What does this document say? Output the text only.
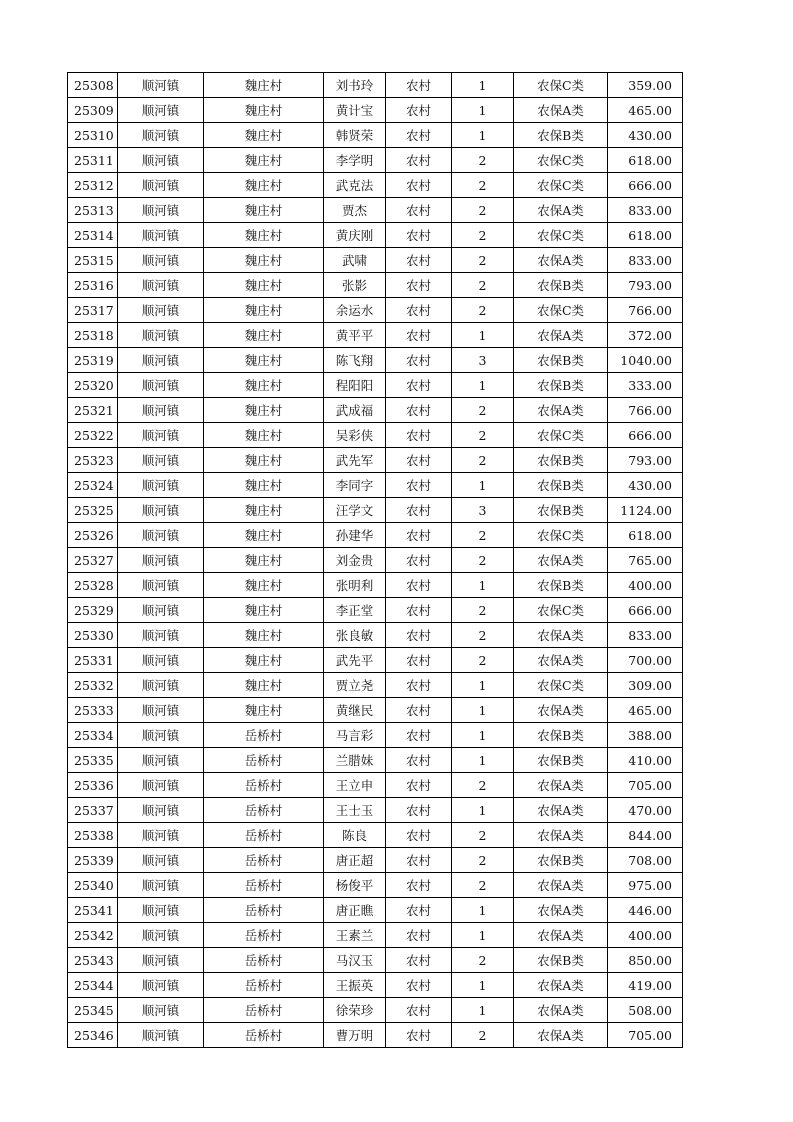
25308	顺河镇	魏庄村	刘书玲	农村	1	农保C类	359.00
25309	顺河镇	魏庄村	黄计宝	农村	1	农保A类	465.00
25310	顺河镇	魏庄村	韩贤荣	农村	1	农保B类	430.00
25311	顺河镇	魏庄村	李学明	农村	2	农保C类	618.00
25312	顺河镇	魏庄村	武克法	农村	2	农保C类	666.00
25313	顺河镇	魏庄村	贾杰	农村	2	农保A类	833.00
25314	顺河镇	魏庄村	黄庆刚	农村	2	农保C类	618.00
25315	顺河镇	魏庄村	武啸	农村	2	农保A类	833.00
25316	顺河镇	魏庄村	张影	农村	2	农保B类	793.00
25317	顺河镇	魏庄村	余运水	农村	2	农保C类	766.00
25318	顺河镇	魏庄村	黄平平	农村	1	农保A类	372.00
25319	顺河镇	魏庄村	陈飞翔	农村	3	农保B类	1040.00
25320	顺河镇	魏庄村	程阳阳	农村	1	农保B类	333.00
25321	顺河镇	魏庄村	武成福	农村	2	农保A类	766.00
25322	顺河镇	魏庄村	吴彩侠	农村	2	农保C类	666.00
25323	顺河镇	魏庄村	武先军	农村	2	农保B类	793.00
25324	顺河镇	魏庄村	李同字	农村	1	农保B类	430.00
25325	顺河镇	魏庄村	汪学文	农村	3	农保B类	1124.00
25326	顺河镇	魏庄村	孙建华	农村	2	农保C类	618.00
25327	顺河镇	魏庄村	刘金贵	农村	2	农保A类	765.00
25328	顺河镇	魏庄村	张明利	农村	1	农保B类	400.00
25329	顺河镇	魏庄村	李正堂	农村	2	农保C类	666.00
25330	顺河镇	魏庄村	张良敏	农村	2	农保A类	833.00
25331	顺河镇	魏庄村	武先平	农村	2	农保A类	700.00
25332	顺河镇	魏庄村	贾立尧	农村	1	农保C类	309.00
25333	顺河镇	魏庄村	黄继民	农村	1	农保A类	465.00
25334	顺河镇	岳桥村	马言彩	农村	1	农保B类	388.00
25335	顺河镇	岳桥村	兰腊妹	农村	1	农保B类	410.00
25336	顺河镇	岳桥村	王立申	农村	2	农保A类	705.00
25337	顺河镇	岳桥村	王士玉	农村	1	农保A类	470.00
25338	顺河镇	岳桥村	陈良	农村	2	农保A类	844.00
25339	顺河镇	岳桥村	唐正超	农村	2	农保B类	708.00
25340	顺河镇	岳桥村	杨俊平	农村	2	农保A类	975.00
25341	顺河镇	岳桥村	唐正瞧	农村	1	农保A类	446.00
25342	顺河镇	岳桥村	王素兰	农村	1	农保A类	400.00
25343	顺河镇	岳桥村	马汉玉	农村	2	农保B类	850.00
25344	顺河镇	岳桥村	王振英	农村	1	农保A类	419.00
25345	顺河镇	岳桥村	徐荣珍	农村	1	农保A类	508.00
25346	顺河镇	岳桥村	曹万明	农村	2	农保A类	705.00
